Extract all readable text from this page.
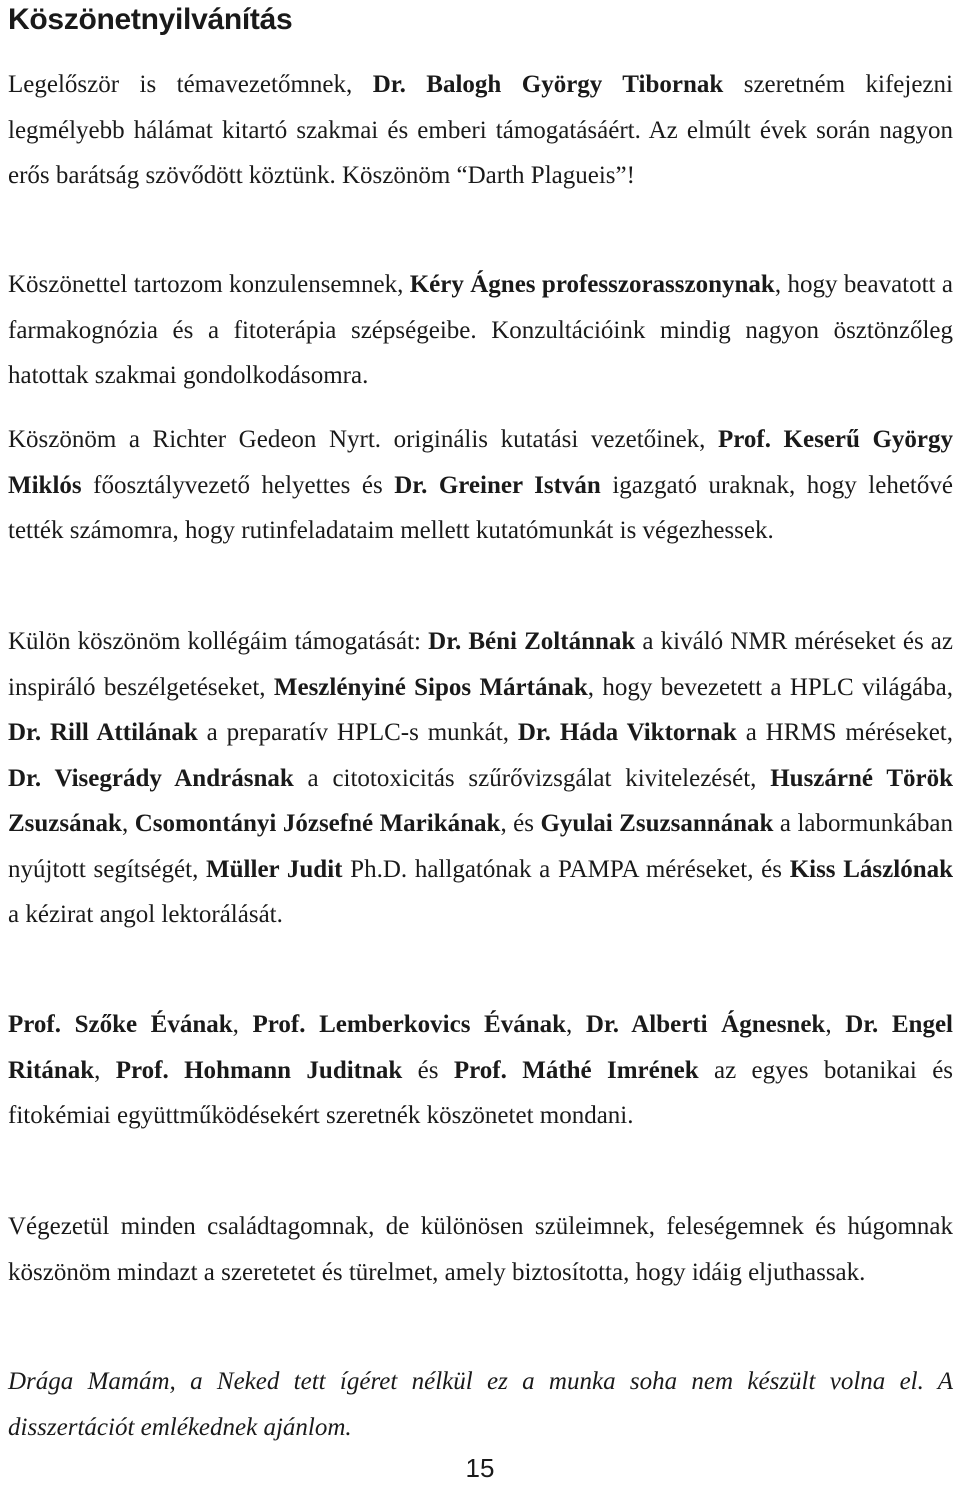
Köszönetnyilvánítás

Legelőször is témavezetőmnek, Dr. Balogh György Tibornak szeretném kifejezni legmélyebb hálámat kitartó szakmai és emberi támogatásáért. Az elmúlt évek során nagyon erős barátság szövődött köztünk. Köszönöm “Darth Plagueis”!

Köszönettel tartozom konzulensemnek, Kéry Ágnes professzorasszonynak, hogy beavatott a farmakognózia és a fitoterápia szépségeibe. Konzultációink mindig nagyon ösztönzőleg hatottak szakmai gondolkodásomra.

Köszönöm a Richter Gedeon Nyrt. originális kutatási vezetőinek, Prof. Keserű György Miklós főosztályvezető helyettes és Dr. Greiner István igazgató uraknak, hogy lehetővé tették számomra, hogy rutinfeladataim mellett kutatómunkát is végezhessek.

Külön köszönöm kollégáim támogatását: Dr. Béni Zoltánnak a kiváló NMR méréseket és az inspiráló beszélgetéseket, Meszlényiné Sipos Mártának, hogy bevezetett a HPLC világába, Dr. Rill Attilának a preparatív HPLC-s munkát, Dr. Háda Viktornak a HRMS méréseket, Dr. Visegrády Andrásnak a citotoxicitás szűrővizsgálat kivitelezését, Huszárné Török Zsuzsának, Csomontányi Józsefné Marikának, és Gyulai Zsuzsannának a labormunkában nyújtott segítségét, Müller Judit Ph.D. hallgatónak a PAMPA méréseket, és Kiss Lászlónak a kézirat angol lektorálását.

Prof. Szőke Évának, Prof. Lemberkovics Évának, Dr. Alberti Ágnesnek, Dr. Engel Ritának, Prof. Hohmann Juditnak és Prof. Máthé Imrének az egyes botanikai és fitokémiai együttműködésekért szeretnék köszönetet mondani.

Végezetül minden családtagomnak, de különösen szüleimnek, feleségemnek és húgomnak köszönöm mindazt a szeretetet és türelmet, amely biztosította, hogy idáig eljuthassak.

Drága Mamám, a Neked tett ígéret nélkül ez a munka soha nem készült volna el. A disszertációt emlékednek ajánlom.

15
